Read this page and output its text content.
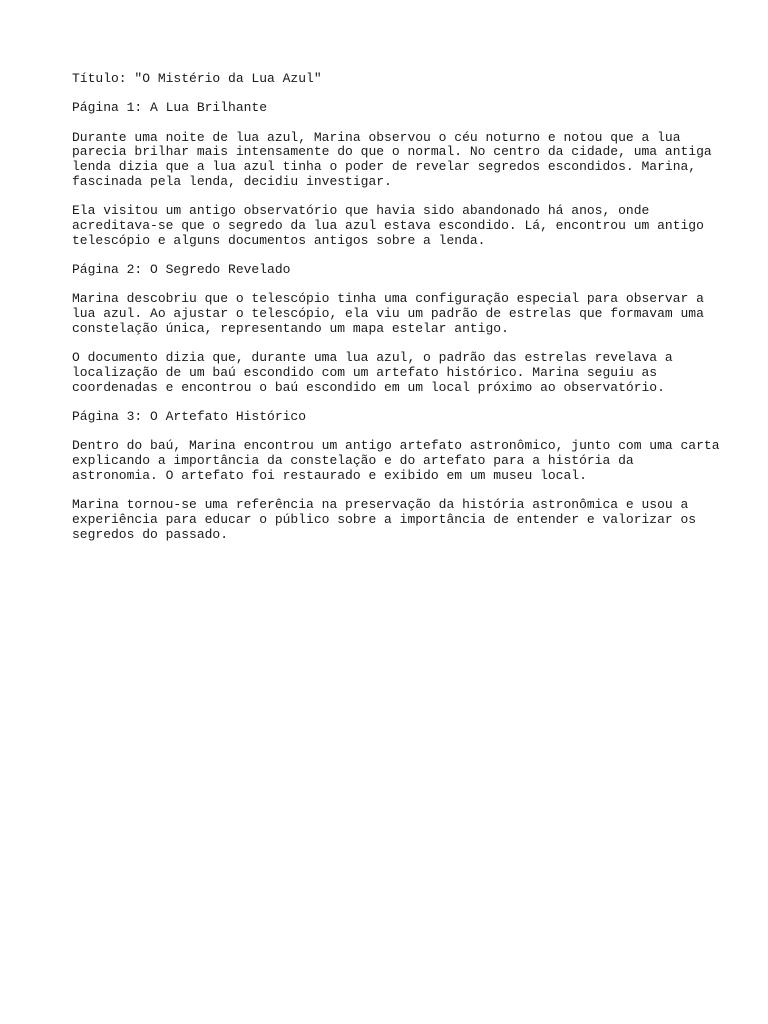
Título: "O Mistério da Lua Azul"
Página 1: A Lua Brilhante
Durante uma noite de lua azul, Marina observou o céu noturno e notou que a lua
parecia brilhar mais intensamente do que o normal. No centro da cidade, uma antiga
lenda dizia que a lua azul tinha o poder de revelar segredos escondidos. Marina,
fascinada pela lenda, decidiu investigar.
Ela visitou um antigo observatório que havia sido abandonado há anos, onde
acreditava-se que o segredo da lua azul estava escondido. Lá, encontrou um antigo
telescópio e alguns documentos antigos sobre a lenda.
Página 2: O Segredo Revelado
Marina descobriu que o telescópio tinha uma configuração especial para observar a
lua azul. Ao ajustar o telescópio, ela viu um padrão de estrelas que formavam uma
constelação única, representando um mapa estelar antigo.
O documento dizia que, durante uma lua azul, o padrão das estrelas revelava a
localização de um baú escondido com um artefato histórico. Marina seguiu as
coordenadas e encontrou o baú escondido em um local próximo ao observatório.
Página 3: O Artefato Histórico
Dentro do baú, Marina encontrou um antigo artefato astronômico, junto com uma carta
explicando a importância da constelação e do artefato para a história da
astronomia. O artefato foi restaurado e exibido em um museu local.
Marina tornou-se uma referência na preservação da história astronômica e usou a
experiência para educar o público sobre a importância de entender e valorizar os
segredos do passado.
